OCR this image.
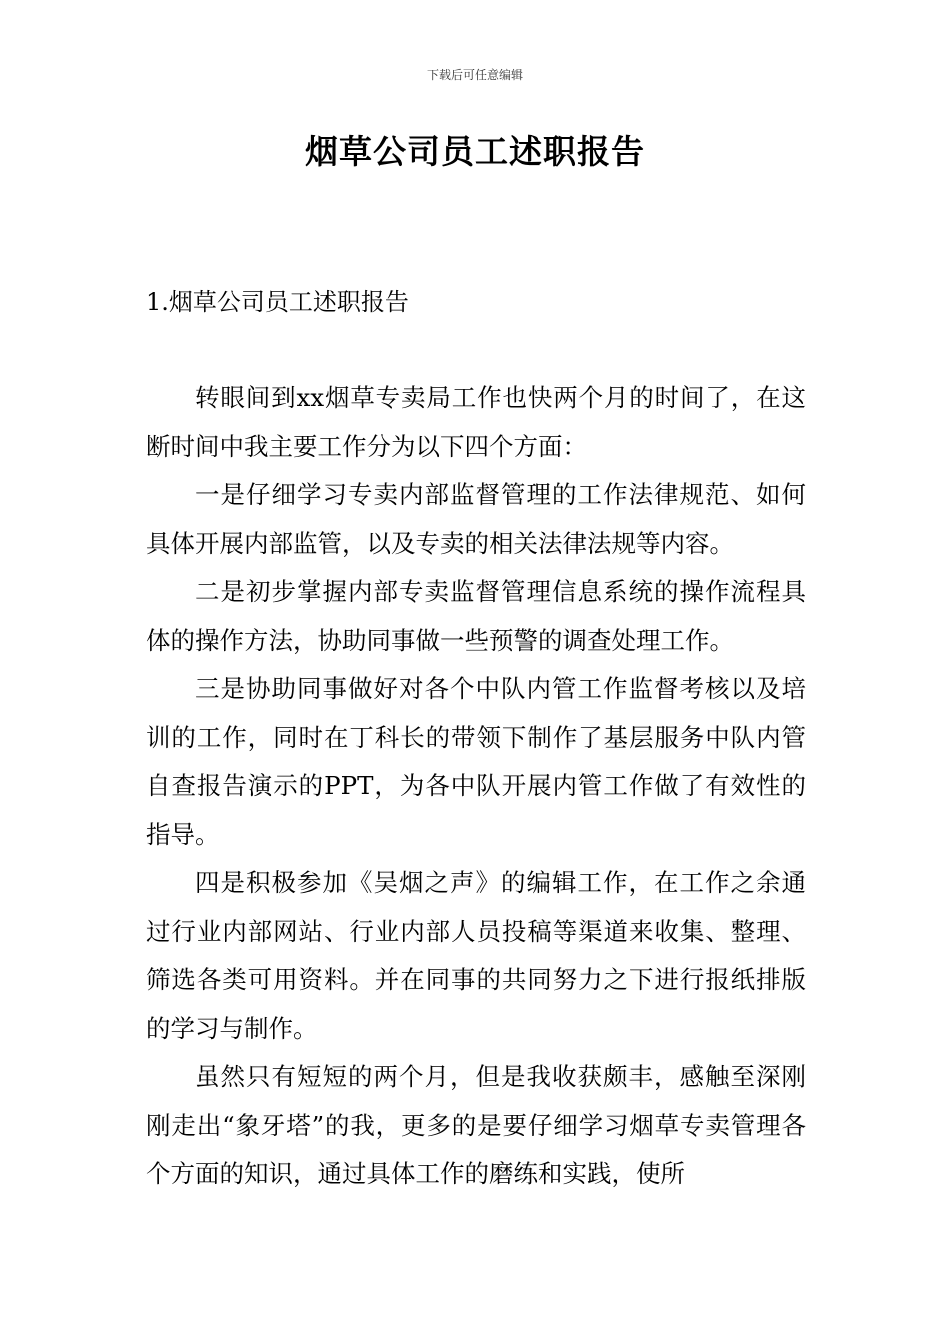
下载后可任意编辑
烟草公司员工述职报告
1.烟草公司员工述职报告

转眼间到xx烟草专卖局工作也快两个月的时间了，在这断时间中我主要工作分为以下四个方面：

一是仔细学习专卖内部监督管理的工作法律规范、如何具体开展内部监管，以及专卖的相关法律法规等内容。

二是初步掌握内部专卖监督管理信息系统的操作流程具体的操作方法，协助同事做一些预警的调查处理工作。

三是协助同事做好对各个中队内管工作监督考核以及培训的工作，同时在丁科长的带领下制作了基层服务中队内管自查报告演示的PPT，为各中队开展内管工作做了有效性的指导。

四是积极参加《吴烟之声》的编辑工作，在工作之余通过行业内部网站、行业内部人员投稿等渠道来收集、整理、筛选各类可用资料。并在同事的共同努力之下进行报纸排版的学习与制作。

虽然只有短短的两个月，但是我收获颇丰，感触至深刚刚走出“象牙塔”的我，更多的是要仔细学习烟草专卖管理各个方面的知识，通过具体工作的磨练和实践，使所
